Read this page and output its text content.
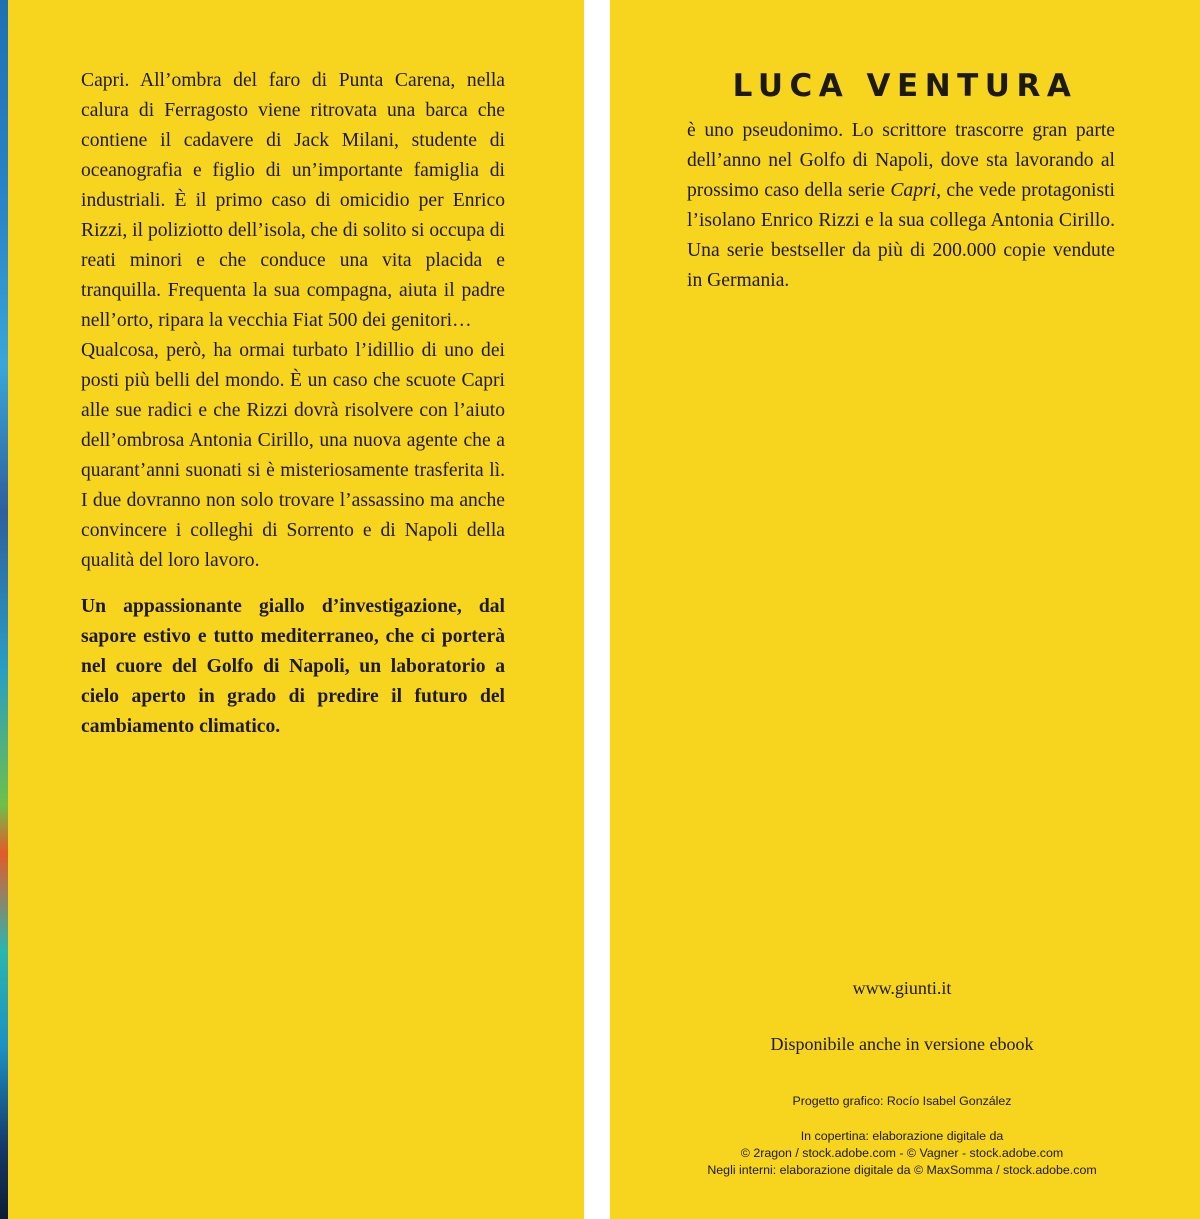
Capri. All’ombra del faro di Punta Carena, nella calura di Ferragosto viene ritrovata una barca che contiene il cadavere di Jack Milani, studente di oceanografia e figlio di un’importante famiglia di industriali. È il primo caso di omicidio per Enrico Rizzi, il poliziotto dell’isola, che di solito si occupa di reati minori e che conduce una vita placida e tranquilla. Frequenta la sua compagna, aiuta il padre nell’orto, ripara la vecchia Fiat 500 dei genitori…

Qualcosa, però, ha ormai turbato l’idillio di uno dei posti più belli del mondo. È un caso che scuote Capri alle sue radici e che Rizzi dovrà risolvere con l’aiuto dell’ombrosa Antonia Cirillo, una nuova agente che a quarant’anni suonati si è misteriosamente trasferita lì. I due dovranno non solo trovare l’assassino ma anche convincere i colleghi di Sorrento e di Napoli della qualità del loro lavoro.

Un appassionante giallo d’investigazione, dal sapore estivo e tutto mediterraneo, che ci porterà nel cuore del Golfo di Napoli, un laboratorio a cielo aperto in grado di predire il futuro del cambiamento climatico.

LUCA VENTURA

è uno pseudonimo. Lo scrittore trascorre gran parte dell’anno nel Golfo di Napoli, dove sta lavorando al prossimo caso della serie Capri, che vede protagonisti l’isolano Enrico Rizzi e la sua collega Antonia Cirillo. Una serie bestseller da più di 200.000 copie vendute in Germania.

www.giunti.it
Disponibile anche in versione ebook
Progetto grafico: Rocío Isabel González
In copertina: elaborazione digitale da
© 2ragon / stock.adobe.com - © Vagner - stock.adobe.com
Negli interni: elaborazione digitale da © MaxSomma / stock.adobe.com
